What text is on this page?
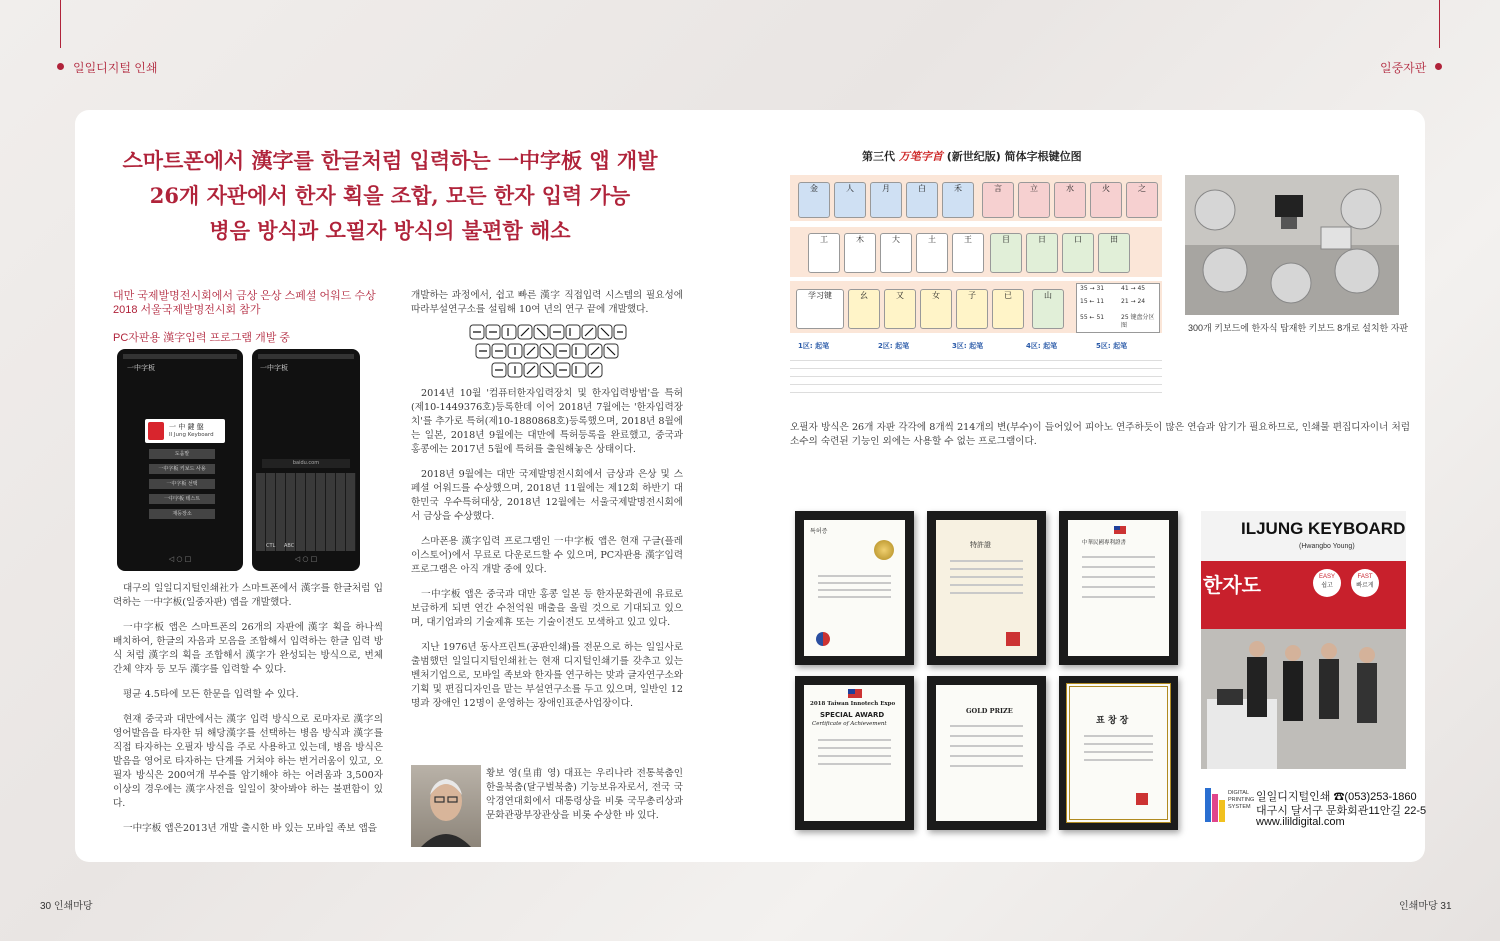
일일디지털 인쇄	일중자판
스마트폰에서 漢字를 한글처럼 입력하는 一中字板 앱 개발
26개 자판에서 한자 획을 조합, 모든 한자 입력 가능
병음 방식과 오필자 방식의 불편함 해소
대만 국제발명전시회에서 금상 은상 스페셜 어워드 수상
2018 서울국제발명전시회 참가
PC자판용 漢字입력 프로그램 개발 중
一中字板
一 中 鍵 盤
Il Jung Keyboard
도움말
一中字板 키보드 사용
一中字板 선택
一中字板 테스트
재등장소
◁ ○ □
一中字板
baidu.com
CTL ABC
◁ ○ □

대구의 일일디지털인쇄社가 스마트폰에서 漢字를 한글처럼 입력하는 一中字板(일중자판) 앱을 개발했다.

一中字板 앱은 스마트폰의 26개의 자판에 漢字 획을 하나씩 배치하여, 한글의 자음과 모음을 조합해서 입력하는 한글 입력 방식 처럼 漢字의 획을 조합해서 漢字가 완성되는 방식으로, 번체 간체 약자 등 모두 漢字를 입력할 수 있다.

평균 4.5타에 모든 한문을 입력할 수 있다.

현재 중국과 대만에서는 漢字 입력 방식으로 로마자로 漢字의 영어발음을 타자한 뒤 해당漢字를 선택하는 병음 방식과 漢字를 직접 타자하는 오필자 방식을 주로 사용하고 있는데, 병음 방식은 발음을 영어로 타자하는 단계를 거쳐야 하는 번거러움이 있고, 오필자 방식은 200여개 부수를 암기해야 하는 어려움과 3,500자 이상의 경우에는 漢字사전을 일일이 찾아봐야 하는 불편함이 있다.

一中字板 앱은2013년 개발 출시한 바 있는 모바일 족보 앱을

개발하는 과정에서, 쉽고 빠른 漢字 직접입력 시스템의 필요성에 따라부설연구소를 설립해 10여 년의 연구 끝에 개발했다.

2014년 10월 '컴퓨터한자입력장치 및 한자입력방법'을 특허(제10-1449376호)등록한데 이어 2018년 7월에는 '한자입력장치'를 추가로 특허(제10-1880868호)등록했으며, 2018년 8월에는 일본, 2018년 9월에는 대만에 특허등록을 완료했고, 중국과 홍콩에는 2017년 5월에 특허를 출원해놓은 상태이다.

2018년 9월에는 대만 국제발명전시회에서 금상과 은상 및 스페셜 어워드를 수상했으며, 2018년 11월에는 제12회 하반기 대한민국 우수특허대상, 2018년 12월에는 서울국제발명전시회에서 금상을 수상했다.

스마폰용 漢字입력 프로그램인 一中字板 앱은 현재 구글(플레이스토어)에서 무료로 다운로드할 수 있으며, PC자판용 漢字입력 프로그램은 아직 개발 중에 있다.

一中字板 앱은 중국과 대만 홍콩 일본 등 한자문화권에 유료로 보급하게 되면 연간 수천억원 매출을 올릴 것으로 기대되고 있으며, 대기업과의 기술제휴 또는 기술이전도 모색하고 있고 있다.

지난 1976년 동사프린트(공판인쇄)를 전문으로 하는 일일사로 출범했던 일일디지털인쇄社는 현재 디지털인쇄기를 갖추고 있는 벤처기업으로, 모바일 족보와 한자를 연구하는 맞과 글자연구소와 기획 및 편집디자인을 맡는 부설연구소를 두고 있으며, 일반인 12명과 장애인 12명이 운영하는 장애인표준사업장이다.

황보 영(皇甫 영) 대표는 우리나라 전통북춤인 한울북춤(달구벌북춤) 기능보유자로서, 전국 국악경연대회에서 대통령상을 비롯 국무총리상과 문화관광부장관상을 비롯 수상한 바 있다.

第三代 万笔字首 (新世纪版) 简体字根键位图
金	人	月	白	禾	言	立	水	火	之
工	木	大	土	王	目	日	口	田
学习键	幺	又	女	子	已	山
35 → 31	41 → 45
15 ← 11	21 → 24
55 ← 51	25 键盘分区图
1区: 起笔	2区: 起笔	3区: 起笔	4区: 起笔	5区: 起笔
300개 키보드에 한자식 탑재한 키보드 8개로 설치한 자판

오필자 방식은 26개 자판 각각에 8개씩 214개의 변(부수)이 들어있어 피아노 연주하듯이 많은 연습과 암기가 필요하므로, 인쇄물 편집디자이너 처럼 소수의 숙련된 기능인 외에는 사용할 수 없는 프로그램이다.

특허증
特許證	中華民國專利證書
2018 Taiwan Innotech Expo
SPECIAL AWARD
Certificate of Achievement
GOLD PRIZE
표 창 장
ILJUNG KEYBOARD
(Hwangbo Young)
한자도	EASY
쉽고
FAST
빠르게
DIGITAL
PRINTING
SYSTEM
일일디지털인쇄 ☎(053)253-1860
대구시 달서구 문화회관11안길 22-5
www.ilildigital.com
30 인쇄마당	인쇄마당 31
